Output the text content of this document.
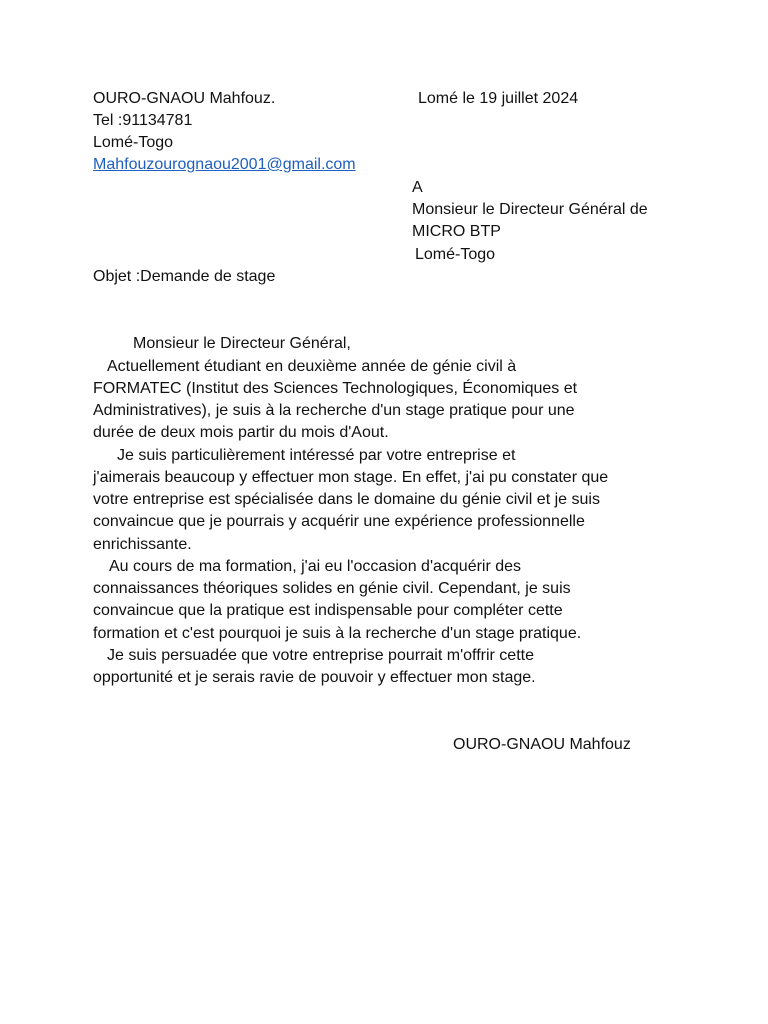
OURO-GNAOU Mahfouz.
Tel :91134781
Lomé-Togo
Mahfouzourognaou2001@gmail.com
Lomé le 19 juillet 2024
A
Monsieur le Directeur Général de
MICRO BTP
Lomé-Togo
Objet :Demande de stage
Monsieur le Directeur Général,
Actuellement étudiant en deuxième année de génie civil à
FORMATEC (Institut des Sciences Technologiques, Économiques et
Administratives), je suis à la recherche d'un stage pratique pour une
durée de deux mois partir du mois d'Aout.
Je suis particulièrement intéressé par votre entreprise et
j'aimerais beaucoup y effectuer mon stage. En effet, j'ai pu constater que
votre entreprise est spécialisée dans le domaine du génie civil et je suis
convaincue que je pourrais y acquérir une expérience professionnelle
enrichissante.
Au cours de ma formation, j'ai eu l'occasion d'acquérir des
connaissances théoriques solides en génie civil. Cependant, je suis
convaincue que la pratique est indispensable pour compléter cette
formation et c'est pourquoi je suis à la recherche d'un stage pratique.
Je suis persuadée que votre entreprise pourrait m'offrir cette
opportunité et je serais ravie de pouvoir y effectuer mon stage.
OURO-GNAOU Mahfouz
